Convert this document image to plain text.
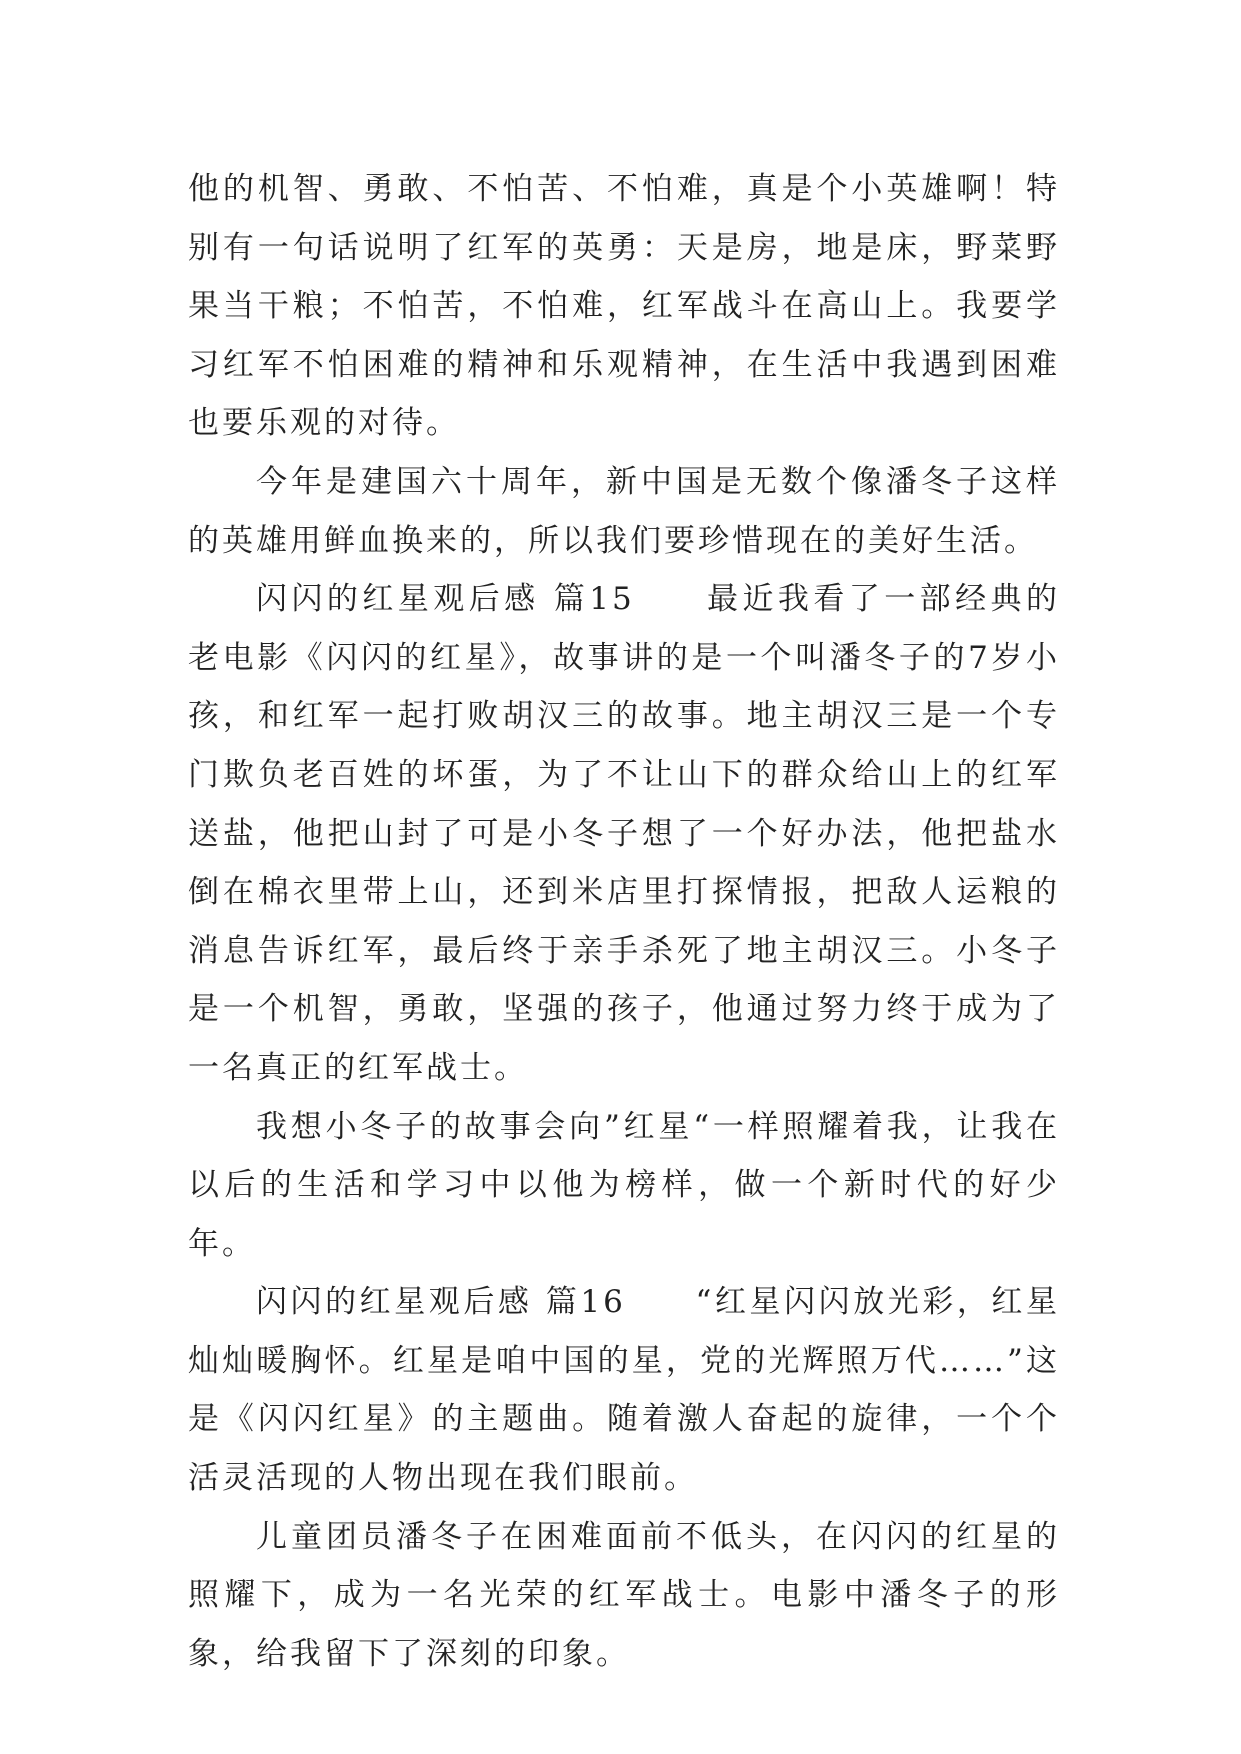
他的机智、勇敢、不怕苦、不怕难，真是个小英雄啊！特别有一句话说明了红军的英勇：天是房，地是床，野菜野果当干粮；不怕苦，不怕难，红军战斗在高山上。我要学习红军不怕困难的精神和乐观精神，在生活中我遇到困难也要乐观的对待。

今年是建国六十周年，新中国是无数个像潘冬子这样的英雄用鲜血换来的，所以我们要珍惜现在的美好生活。

闪闪的红星观后感 篇15　　最近我看了一部经典的老电影《闪闪的红星》，故事讲的是一个叫潘冬子的7岁小孩，和红军一起打败胡汉三的故事。地主胡汉三是一个专门欺负老百姓的坏蛋，为了不让山下的群众给山上的红军送盐，他把山封了可是小冬子想了一个好办法，他把盐水倒在棉衣里带上山，还到米店里打探情报，把敌人运粮的消息告诉红军，最后终于亲手杀死了地主胡汉三。小冬子是一个机智，勇敢，坚强的孩子，他通过努力终于成为了一名真正的红军战士。

我想小冬子的故事会向”红星“一样照耀着我，让我在以后的生活和学习中以他为榜样，做一个新时代的好少年。

闪闪的红星观后感 篇16　　“红星闪闪放光彩，红星灿灿暖胸怀。红星是咱中国的星，党的光辉照万代……”这是《闪闪红星》的主题曲。随着激人奋起的旋律，一个个活灵活现的人物出现在我们眼前。

儿童团员潘冬子在困难面前不低头，在闪闪的红星的照耀下，成为一名光荣的红军战士。电影中潘冬子的形象，给我留下了深刻的印象。
